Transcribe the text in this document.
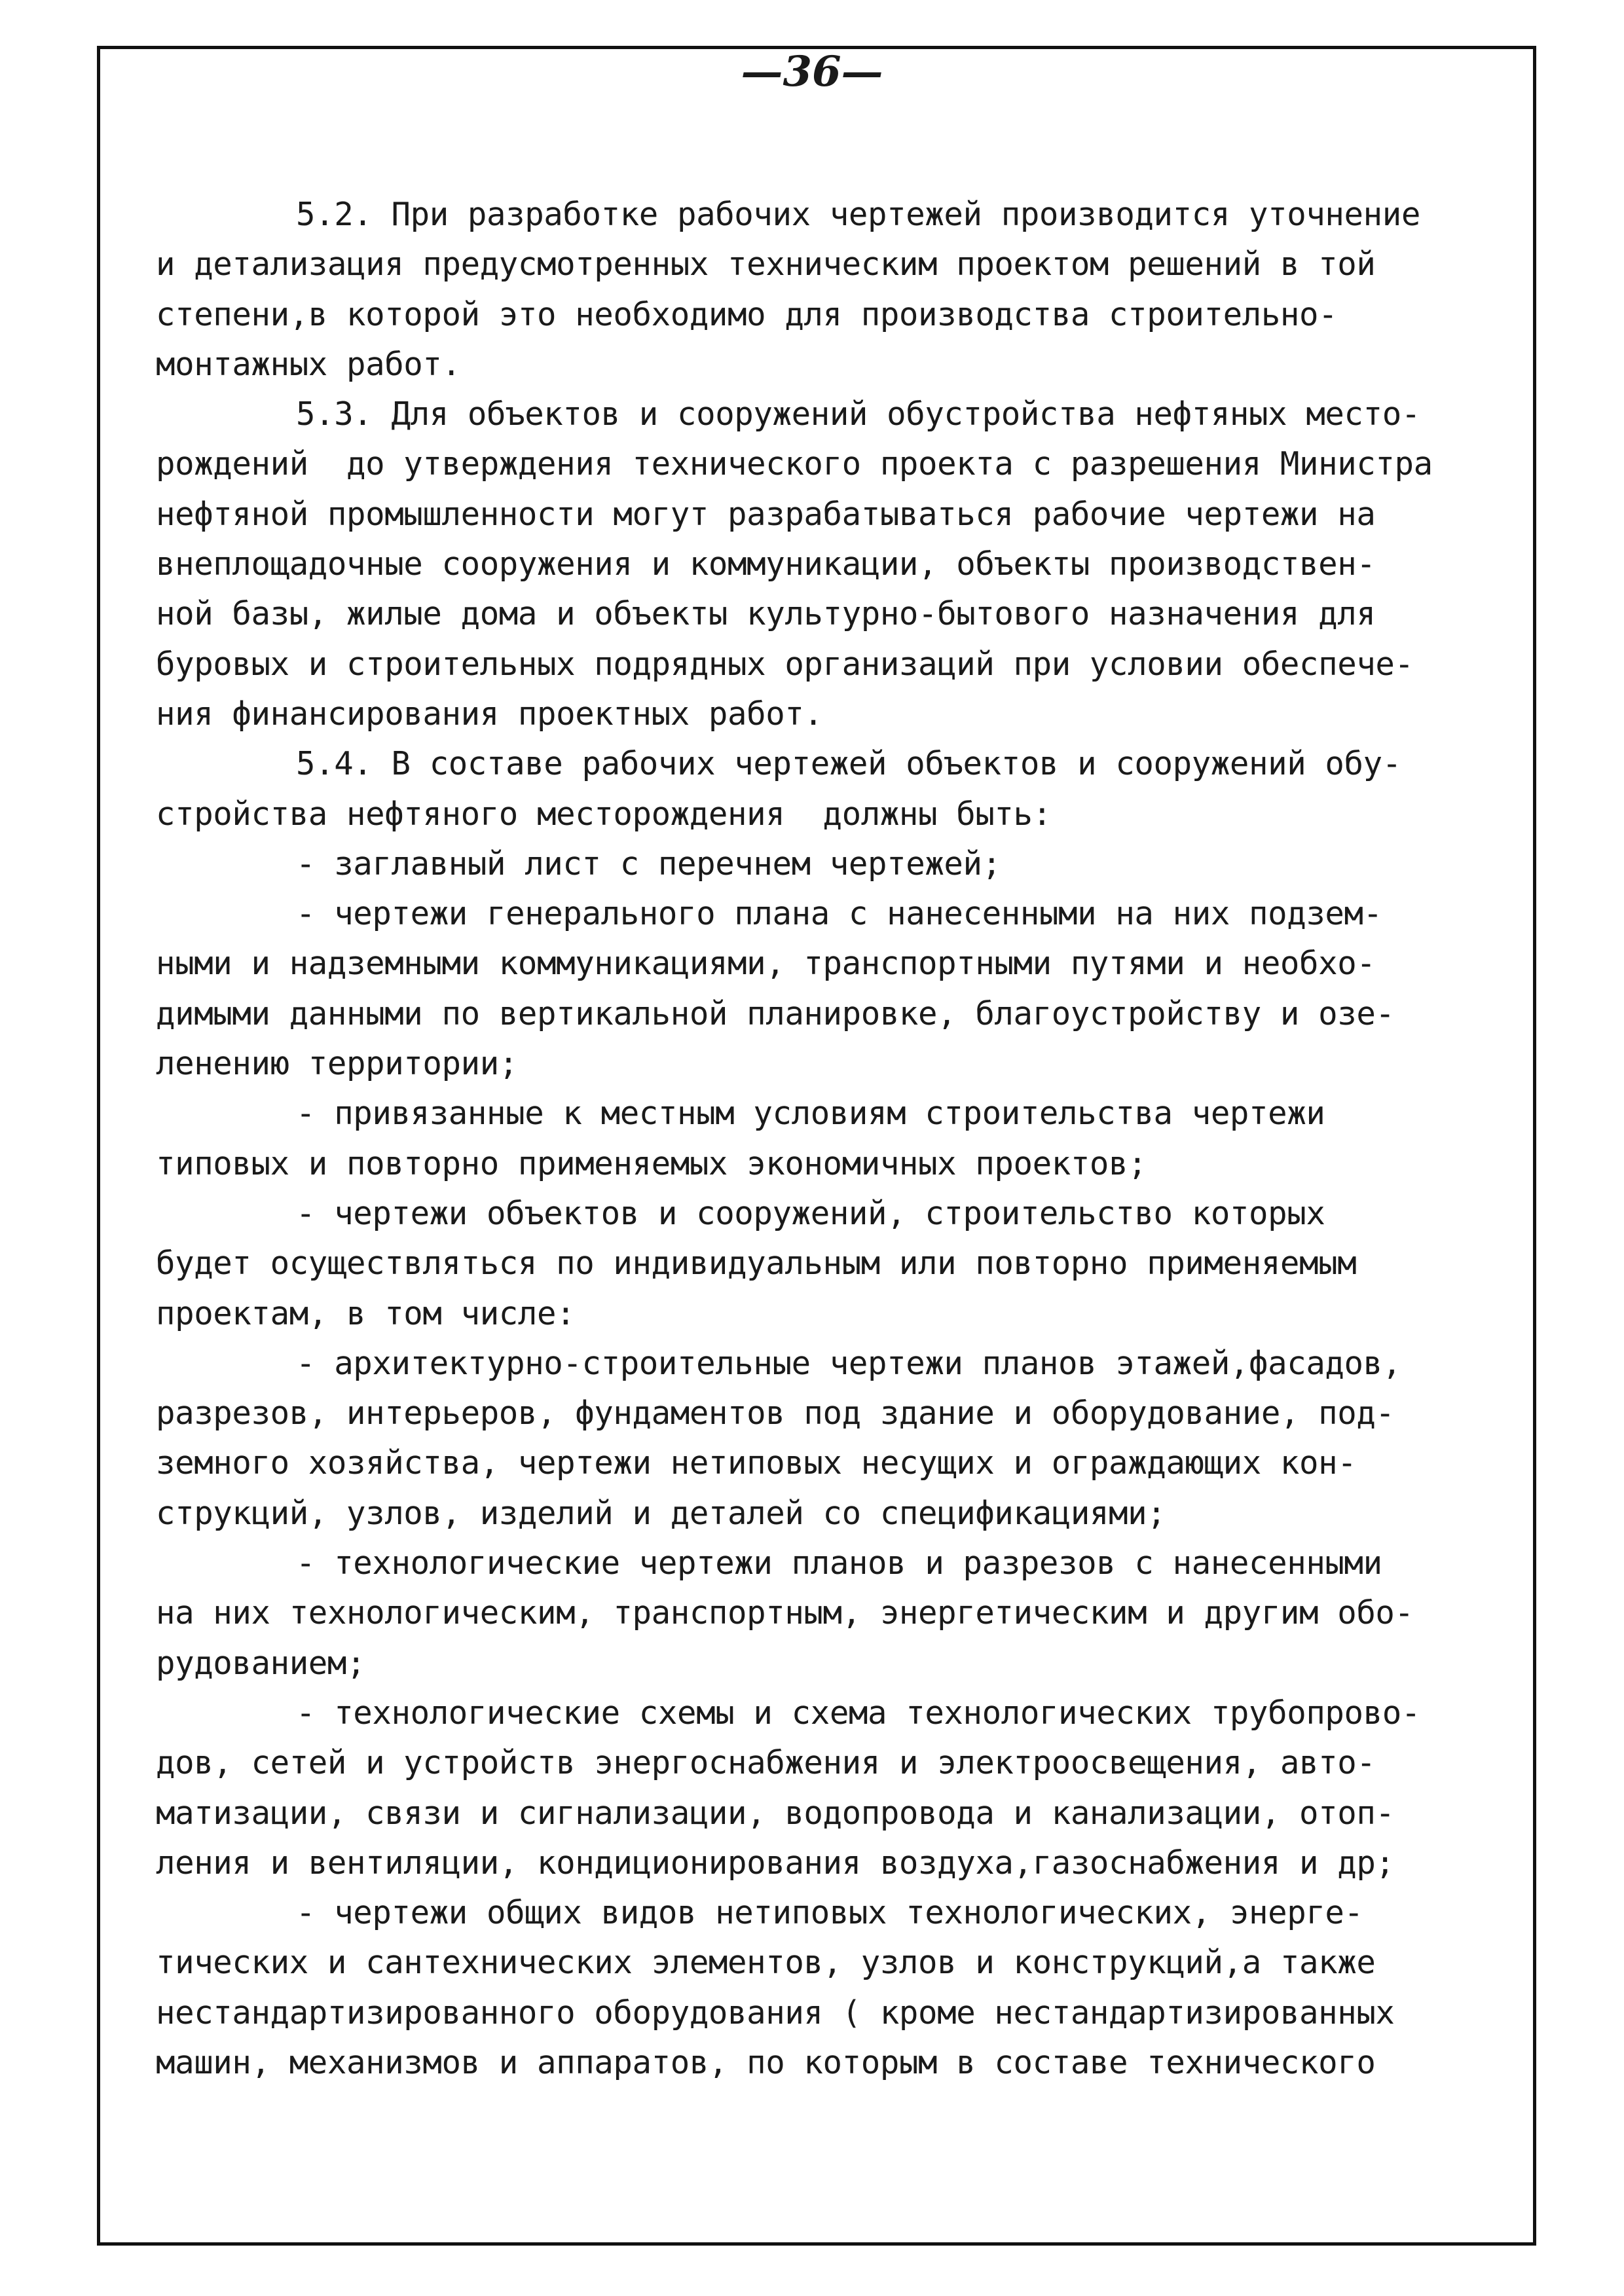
—36—
5.2. При разработке рабочих чертежей производится уточнение
и детализация предусмотренных техническим проектом решений в той
степени,в которой это необходимо для производства строительно-
монтажных работ.
5.3. Для объектов и сооружений обустройства нефтяных место-
рождений  до утверждения технического проекта с разрешения Министра
нефтяной промышленности могут разрабатываться рабочие чертежи на
внеплощадочные сооружения и коммуникации, объекты производствен-
ной базы, жилые дома и объекты культурно-бытового назначения для
буровых и строительных подрядных организаций при условии обеспече-
ния финансирования проектных работ.
5.4. В составе рабочих чертежей объектов и сооружений обу-
стройства нефтяного месторождения  должны быть:
- заглавный лист с перечнем чертежей;
- чертежи генерального плана с нанесенными на них подзем-
ными и надземными коммуникациями, транспортными путями и необхо-
димыми данными по вертикальной планировке, благоустройству и озе-
ленению территории;
- привязанные к местным условиям строительства чертежи
типовых и повторно применяемых экономичных проектов;
- чертежи объектов и сооружений, строительство которых
будет осуществляться по индивидуальным или повторно применяемым
проектам, в том числе:
- архитектурно-строительные чертежи планов этажей,фасадов,
разрезов, интерьеров, фундаментов под здание и оборудование, под-
земного хозяйства, чертежи нетиповых несущих и ограждающих кон-
струкций, узлов, изделий и деталей со спецификациями;
- технологические чертежи планов и разрезов с нанесенными
на них технологическим, транспортным, энергетическим и другим обо-
рудованием;
- технологические схемы и схема технологических трубопрово-
дов, сетей и устройств энергоснабжения и электроосвещения, авто-
матизации, связи и сигнализации, водопровода и канализации, отоп-
ления и вентиляции, кондиционирования воздуха,газоснабжения и др;
- чертежи общих видов нетиповых технологических, энерге-
тических и сантехнических элементов, узлов и конструкций,а также
нестандартизированного оборудования ( кроме нестандартизированных
машин, механизмов и аппаратов, по которым в составе технического
